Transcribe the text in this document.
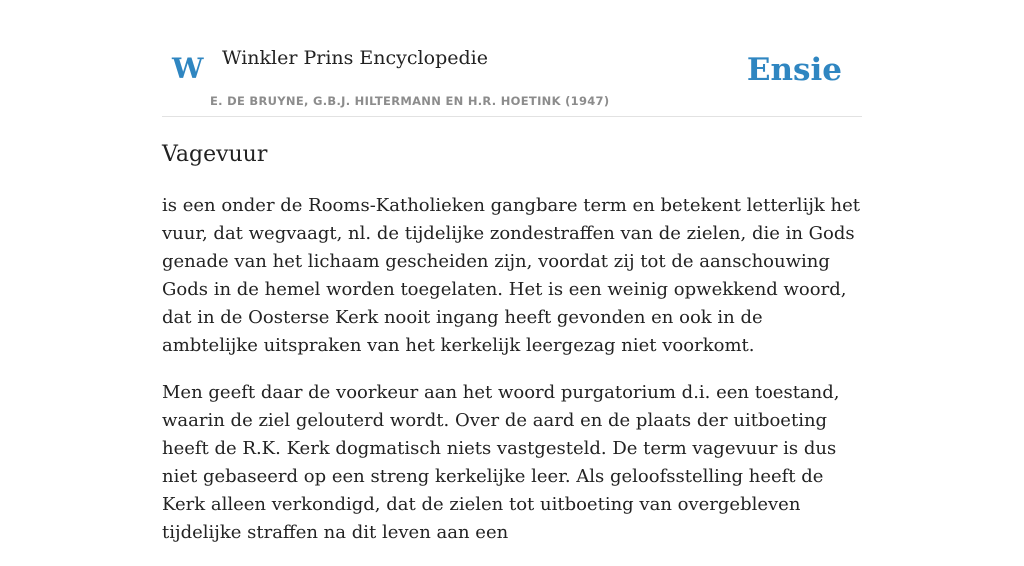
W Winkler Prins Encyclopedie
E. DE BRUYNE, G.B.J. HILTERMANN EN H.R. HOETINK (1947)
Ensie
Vagevuur

is een onder de Rooms-Katholieken gangbare term en betekent letterlijk het vuur, dat wegvaagt, nl. de tijdelijke zondestraffen van de zielen, die in Gods genade van het lichaam gescheiden zijn, voordat zij tot de aanschouwing Gods in de hemel worden toegelaten. Het is een weinig opwekkend woord, dat in de Oosterse Kerk nooit ingang heeft gevonden en ook in de ambtelijke uitspraken van het kerkelijk leergezag niet voorkomt.

Men geeft daar de voorkeur aan het woord purgatorium d.i. een toestand, waarin de ziel gelouterd wordt. Over de aard en de plaats der uitboeting heeft de R.K. Kerk dogmatisch niets vastgesteld. De term vagevuur is dus niet gebaseerd op een streng kerkelijke leer. Als geloofsstelling heeft de Kerk alleen verkondigd, dat de zielen tot uitboeting van overgebleven tijdelijke straffen na dit leven aan een
